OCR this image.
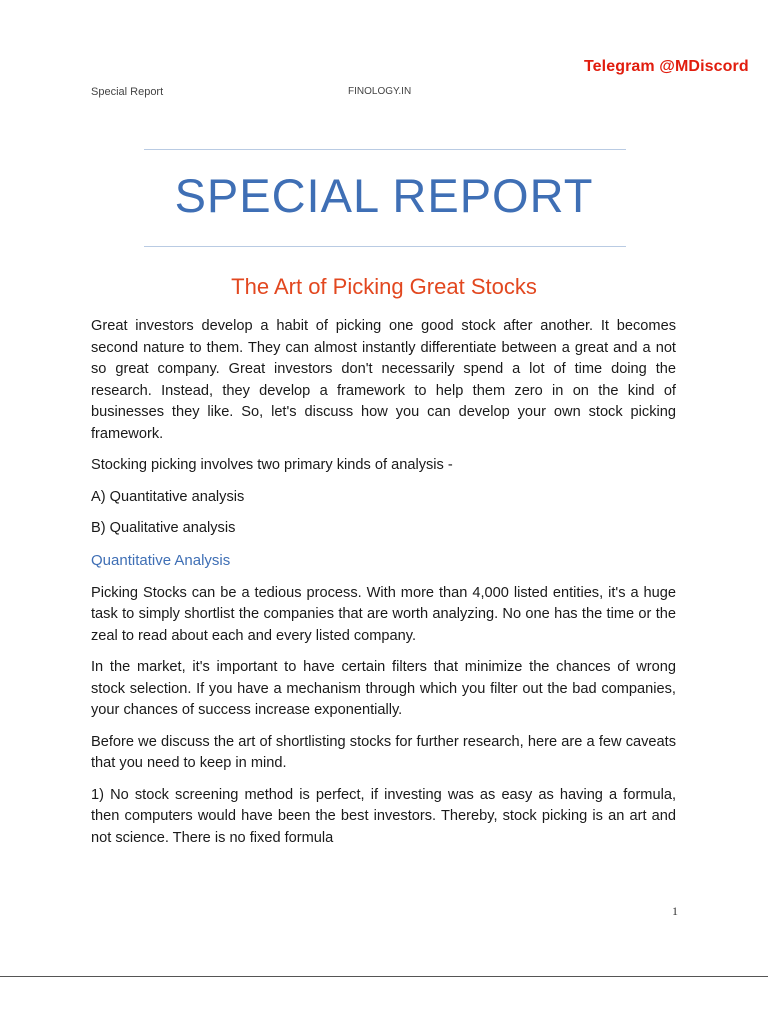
Telegram @MDiscord
Special Report	FINOLOGY.IN
SPECIAL REPORT
The Art of Picking Great Stocks

Great investors develop a habit of picking one good stock after another. It becomes second nature to them. They can almost instantly differentiate between a great and a not so great company. Great investors don't necessarily spend a lot of time doing the research. Instead, they develop a framework to help them zero in on the kind of businesses they like. So, let's discuss how you can develop your own stock picking framework.

Stocking picking involves two primary kinds of analysis -

A) Quantitative analysis

B) Qualitative analysis

Quantitative Analysis

Picking Stocks can be a tedious process. With more than 4,000 listed entities, it's a huge task to simply shortlist the companies that are worth analyzing. No one has the time or the zeal to read about each and every listed company.

In the market, it's important to have certain filters that minimize the chances of wrong stock selection. If you have a mechanism through which you filter out the bad companies, your chances of success increase exponentially.

Before we discuss the art of shortlisting stocks for further research, here are a few caveats that you need to keep in mind.

1) No stock screening method is perfect, if investing was as easy as having a formula, then computers would have been the best investors. Thereby, stock picking is an art and not science. There is no fixed formula

1
